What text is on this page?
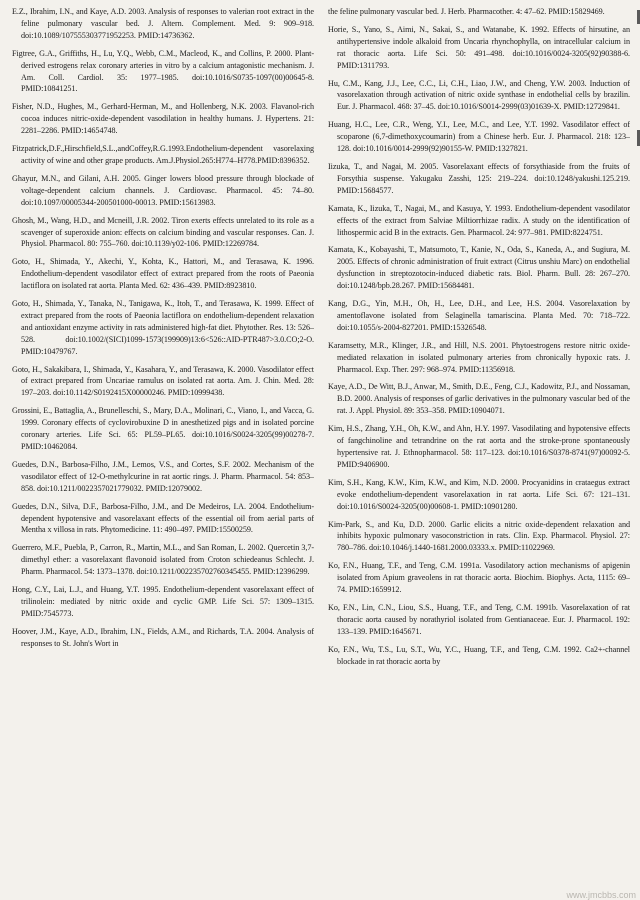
E.Z., Ibrahim, I.N., and Kaye, A.D. 2003. Analysis of responses to valerian root extract in the feline pulmonary vascular bed. J. Altern. Complement. Med. 9: 909–918. doi:10.1089/107555303771952253. PMID:14736362.

Figtree, G.A., Griffiths, H., Lu, Y.Q., Webb, C.M., Macleod, K., and Collins, P. 2000. Plant-derived estrogens relax coronary arteries in vitro by a calcium antagonistic mechanism. J. Am. Coll. Cardiol. 35: 1977–1985. doi:10.1016/S0735-1097(00)00645-8. PMID:10841251.

Fisher, N.D., Hughes, M., Gerhard-Herman, M., and Hollenberg, N.K. 2003. Flavanol-rich cocoa induces nitric-oxide-dependent vasodilation in healthy humans. J. Hypertens. 21: 2281–2286. PMID:14654748.

Fitzpatrick,D.F.,Hirschfield,S.L.,andCoffey,R.G.1993.Endothelium-dependent vasorelaxing activity of wine and other grape products. Am.J.Physiol.265:H774–H778.PMID:8396352.

Ghayur, M.N., and Gilani, A.H. 2005. Ginger lowers blood pressure through blockade of voltage-dependent calcium channels. J. Cardiovasc. Pharmacol. 45: 74–80. doi:10.1097/00005344-200501000-00013. PMID:15613983.

Ghosh, M., Wang, H.D., and Mcneill, J.R. 2002. Tiron exerts effects unrelated to its role as a scavenger of superoxide anion: effects on calcium binding and vascular responses. Can. J. Physiol. Pharmacol. 80: 755–760. doi:10.1139/y02-106. PMID:12269784.

Goto, H., Shimada, Y., Akechi, Y., Kohta, K., Hattori, M., and Terasawa, K. 1996. Endothelium-dependent vasodilator effect of extract prepared from the roots of Paeonia lactiflora on isolated rat aorta. Planta Med. 62: 436–439. PMID:8923810.

Goto, H., Shimada, Y., Tanaka, N., Tanigawa, K., Itoh, T., and Terasawa, K. 1999. Effect of extract prepared from the roots of Paeonia lactiflora on endothelium-dependent relaxation and antioxidant enzyme activity in rats administered high-fat diet. Phytother. Res. 13: 526–528. doi:10.1002/(SICI)1099-1573(199909)13:6<526::AID-PTR487>3.0.CO;2-O. PMID:10479767.

Goto, H., Sakakibara, I., Shimada, Y., Kasahara, Y., and Terasawa, K. 2000. Vasodilator effect of extract prepared from Uncariae ramulus on isolated rat aorta. Am. J. Chin. Med. 28: 197–203. doi:10.1142/S0192415X00000246. PMID:10999438.

Grossini, E., Battaglia, A., Brunelleschi, S., Mary, D.A., Molinari, C., Viano, I., and Vacca, G. 1999. Coronary effects of cyclovirobuxine D in anesthetized pigs and in isolated porcine coronary arteries. Life Sci. 65: PL59–PL65. doi:10.1016/S0024-3205(99)00278-7. PMID:10462084.

Guedes, D.N., Barbosa-Filho, J.M., Lemos, V.S., and Cortes, S.F. 2002. Mechanism of the vasodilator effect of 12-O-methylcurine in rat aortic rings. J. Pharm. Pharmacol. 54: 853–858. doi:10.1211/0022357021779032. PMID:12079002.

Guedes, D.N., Silva, D.F., Barbosa-Filho, J.M., and De Medeiros, I.A. 2004. Endothelium-dependent hypotensive and vasorelaxant effects of the essential oil from aerial parts of Mentha x villosa in rats. Phytomedicine. 11: 490–497. PMID:15500259.

Guerrero, M.F., Puebla, P., Carron, R., Martin, M.L., and San Roman, L. 2002. Quercetin 3,7-dimethyl ether: a vasorelaxant flavonoid isolated from Croton schiedeanus Schlecht. J. Pharm. Pharmacol. 54: 1373–1378. doi:10.1211/002235702760345455. PMID:12396299.

Hong, C.Y., Lai, L.J., and Huang, Y.T. 1995. Endothelium-dependent vasorelaxant effect of trilinolein: mediated by nitric oxide and cyclic GMP. Life Sci. 57: 1309–1315. PMID:7545773.

Hoover, J.M., Kaye, A.D., Ibrahim, I.N., Fields, A.M., and Richards, T.A. 2004. Analysis of responses to St. John's Wort in

the feline pulmonary vascular bed. J. Herb. Pharmacother. 4: 47–62. PMID:15829469.

Horie, S., Yano, S., Aimi, N., Sakai, S., and Watanabe, K. 1992. Effects of hirsutine, an antihypertensive indole alkaloid from Uncaria rhynchophylla, on intracellular calcium in rat thoracic aorta. Life Sci. 50: 491–498. doi:10.1016/0024-3205(92)90388-6. PMID:1311793.

Hu, C.M., Kang, J.J., Lee, C.C., Li, C.H., Liao, J.W., and Cheng, Y.W. 2003. Induction of vasorelaxation through activation of nitric oxide synthase in endothelial cells by brazilin. Eur. J. Pharmacol. 468: 37–45. doi:10.1016/S0014-2999(03)01639-X. PMID:12729841.

Huang, H.C., Lee, C.R., Weng, Y.I., Lee, M.C., and Lee, Y.T. 1992. Vasodilator effect of scoparone (6,7-dimethoxycoumarin) from a Chinese herb. Eur. J. Pharmacol. 218: 123–128. doi:10.1016/0014-2999(92)90155-W. PMID:1327821.

Iizuka, T., and Nagai, M. 2005. Vasorelaxant effects of forsythiaside from the fruits of Forsythia suspense. Yakugaku Zasshi, 125: 219–224. doi:10.1248/yakushi.125.219. PMID:15684577.

Kamata, K., Iizuka, T., Nagai, M., and Kasuya, Y. 1993. Endothelium-dependent vasodilator effects of the extract from Salviae Miltiorrhizae radix. A study on the identification of lithospermic acid B in the extracts. Gen. Pharmacol. 24: 977–981. PMID:8224751.

Kamata, K., Kobayashi, T., Matsumoto, T., Kanie, N., Oda, S., Kaneda, A., and Sugiura, M. 2005. Effects of chronic administration of fruit extract (Citrus unshiu Marc) on endothelial dysfunction in streptozotocin-induced diabetic rats. Biol. Pharm. Bull. 28: 267–270. doi:10.1248/bpb.28.267. PMID:15684481.

Kang, D.G., Yin, M.H., Oh, H., Lee, D.H., and Lee, H.S. 2004. Vasorelaxation by amentoflavone isolated from Selaginella tamariscina. Planta Med. 70: 718–722. doi:10.1055/s-2004-827201. PMID:15326548.

Karamsetty, M.R., Klinger, J.R., and Hill, N.S. 2001. Phytoestrogens restore nitric oxide-mediated relaxation in isolated pulmonary arteries from chronically hypoxic rats. J. Pharmacol. Exp. Ther. 297: 968–974. PMID:11356918.

Kaye, A.D., De Witt, B.J., Anwar, M., Smith, D.E., Feng, C.J., Kadowitz, P.J., and Nossaman, B.D. 2000. Analysis of responses of garlic derivatives in the pulmonary vascular bed of the rat. J. Appl. Physiol. 89: 353–358. PMID:10904071.

Kim, H.S., Zhang, Y.H., Oh, K.W., and Ahn, H.Y. 1997. Vasodilating and hypotensive effects of fangchinoline and tetrandrine on the rat aorta and the stroke-prone spontaneously hypertensive rat. J. Ethnopharmacol. 58: 117–123. doi:10.1016/S0378-8741(97)00092-5. PMID:9406900.

Kim, S.H., Kang, K.W., Kim, K.W., and Kim, N.D. 2000. Procyanidins in crataegus extract evoke endothelium-dependent vasorelaxation in rat aorta. Life Sci. 67: 121–131. doi:10.1016/S0024-3205(00)00608-1. PMID:10901280.

Kim-Park, S., and Ku, D.D. 2000. Garlic elicits a nitric oxide-dependent relaxation and inhibits hypoxic pulmonary vasoconstriction in rats. Clin. Exp. Pharmacol. Physiol. 27: 780–786. doi:10.1046/j.1440-1681.2000.03333.x. PMID:11022969.

Ko, F.N., Huang, T.F., and Teng, C.M. 1991a. Vasodilatory action mechanisms of apigenin isolated from Apium graveolens in rat thoracic aorta. Biochim. Biophys. Acta, 1115: 69–74. PMID:1659912.

Ko, F.N., Lin, C.N., Liou, S.S., Huang, T.F., and Teng, C.M. 1991b. Vasorelaxation of rat thoracic aorta caused by norathyriol isolated from Gentianaceae. Eur. J. Pharmacol. 192: 133–139. PMID:1645671.

Ko, F.N., Wu, T.S., Lu, S.T., Wu, Y.C., Huang, T.F., and Teng, C.M. 1992. Ca2+-channel blockade in rat thoracic aorta by

www.jmcbbs.com
